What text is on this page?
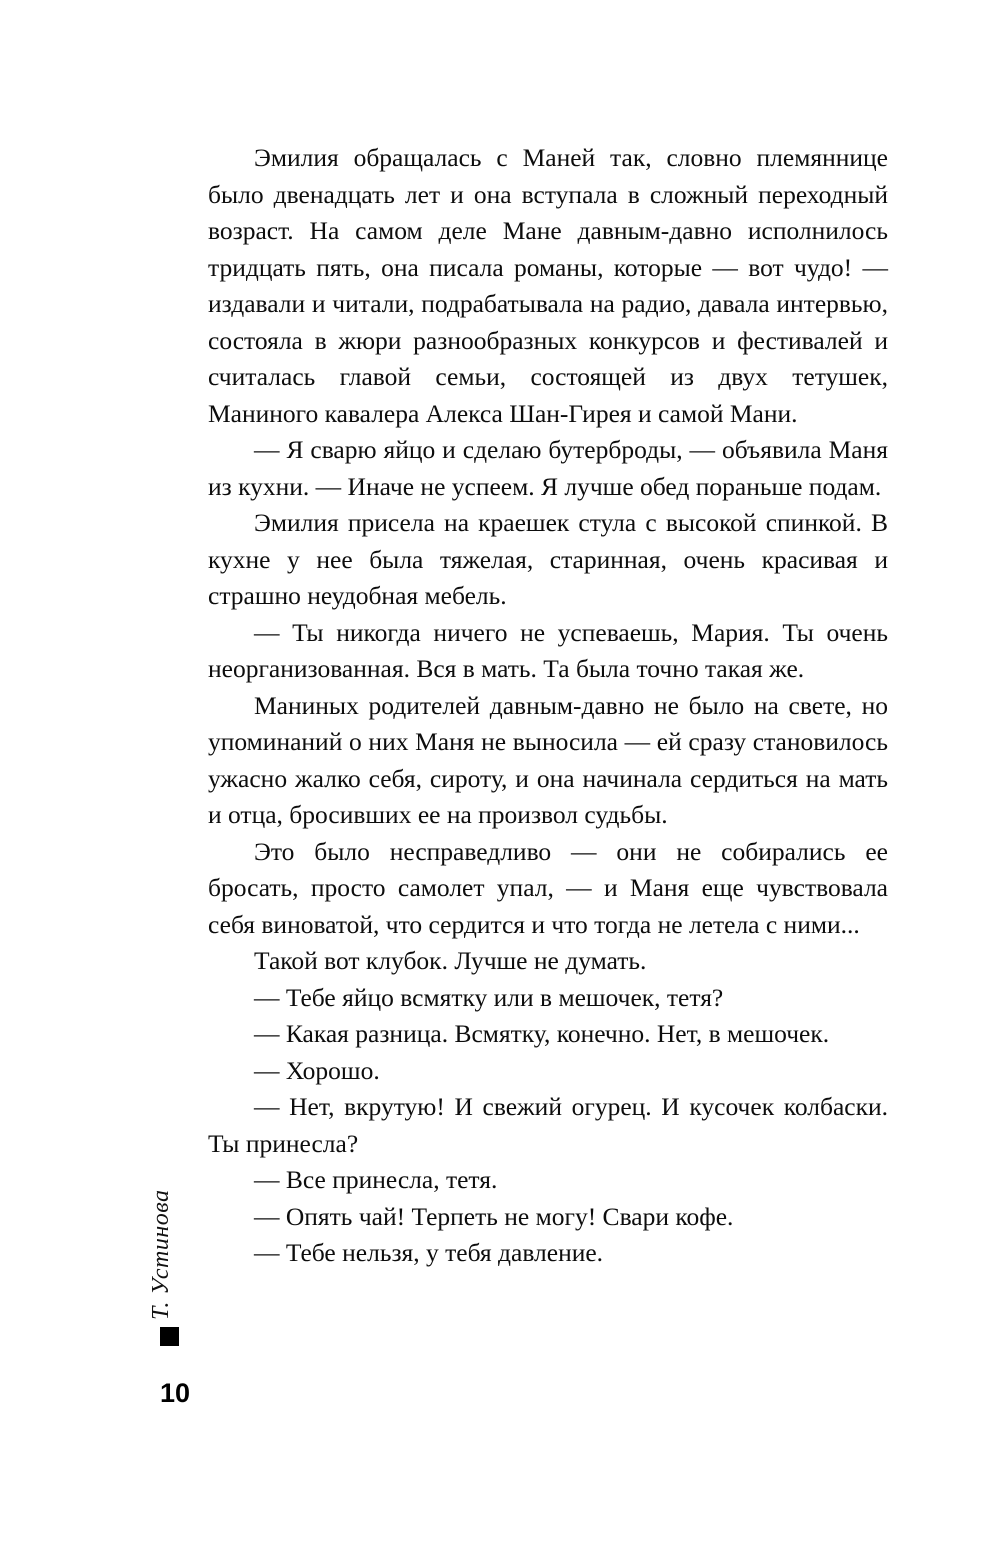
Эмилия обращалась с Маней так, словно племяннице было двенадцать лет и она вступала в сложный переходный возраст. На самом деле Мане давным-давно исполнилось тридцать пять, она писала романы, которые — вот чудо! — издавали и читали, подрабатывала на радио, давала интервью, состояла в жюри разнообразных конкурсов и фестивалей и считалась главой семьи, состоящей из двух тетушек, Маниного кавалера Алекса Шан-Гирея и самой Мани.

— Я сварю яйцо и сделаю бутерброды, — объявила Маня из кухни. — Иначе не успеем. Я лучше обед пораньше подам.

Эмилия присела на краешек стула с высокой спинкой. В кухне у нее была тяжелая, старинная, очень красивая и страшно неудобная мебель.

— Ты никогда ничего не успеваешь, Мария. Ты очень неорганизованная. Вся в мать. Та была точно такая же.

Маниных родителей давным-давно не было на свете, но упоминаний о них Маня не выносила — ей сразу становилось ужасно жалко себя, сироту, и она начинала сердиться на мать и отца, бросивших ее на произвол судьбы.

Это было несправедливо — они не собирались ее бросать, просто самолет упал, — и Маня еще чувствовала себя виноватой, что сердится и что тогда не летела с ними...

Такой вот клубок. Лучше не думать.

— Тебе яйцо всмятку или в мешочек, тетя?

— Какая разница. Всмятку, конечно. Нет, в мешочек.

— Хорошо.

— Нет, вкрутую! И свежий огурец. И кусочек колбаски. Ты принесла?

— Все принесла, тетя.

— Опять чай! Терпеть не могу! Свари кофе.

— Тебе нельзя, у тебя давление.

Т. Устинова
10
